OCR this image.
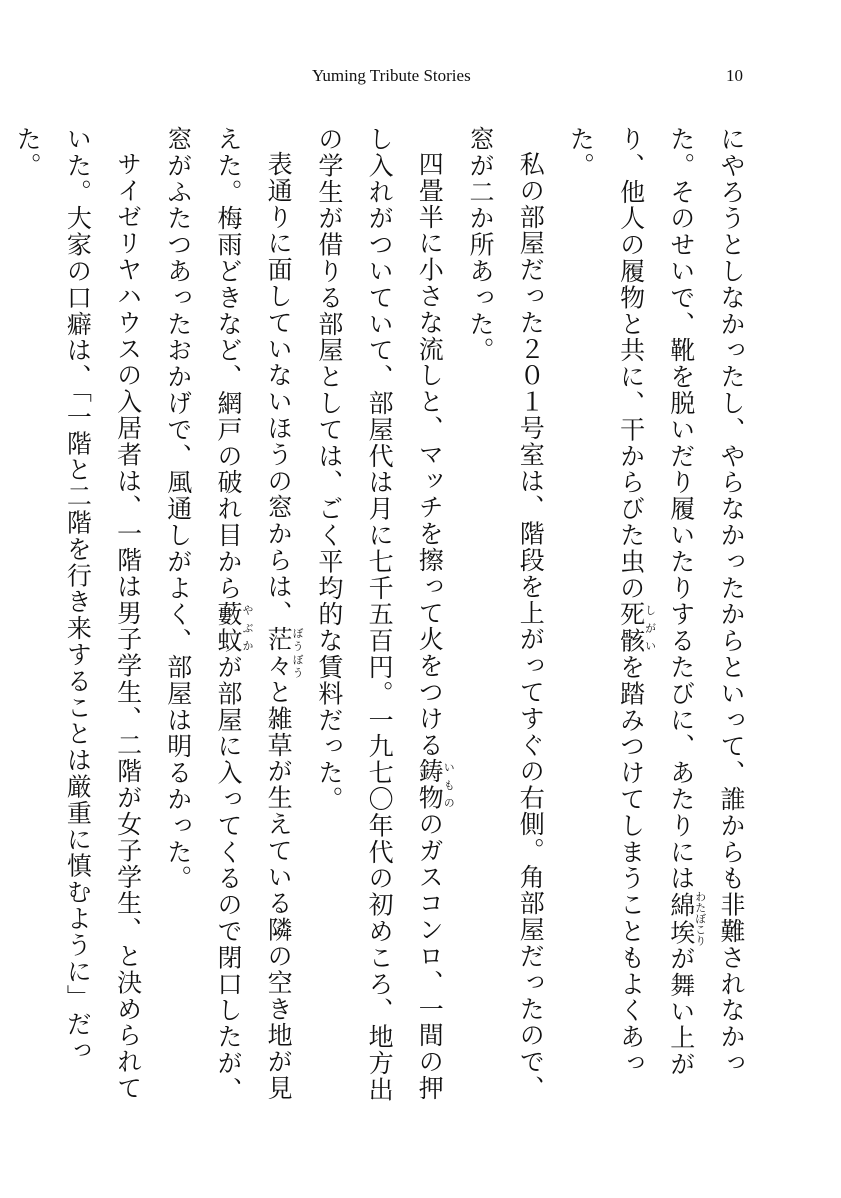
Yuming Tribute Stories	10

にやろうとしなかったし、やらなかったからといって、誰からも非難されなかった。そのせいで、靴を脱いだり履いたりするたびに、あたりには綿埃わたぼこりが舞い上がり、他人の履物と共に、干からびた虫の死骸しがいを踏みつけてしまうこともよくあった。

私の部屋だった２０１号室は、階段を上がってすぐの右側。角部屋だったので、窓が二か所あった。

四畳半に小さな流しと、マッチを擦って火をつける鋳物いもののガスコンロ、一間の押し入れがついていて、部屋代は月に七千五百円。一九七〇年代の初めころ、地方出の学生が借りる部屋としては、ごく平均的な賃料だった。

表通りに面していないほうの窓からは、茫々ぼうぼうと雑草が生えている隣の空き地が見えた。梅雨どきなど、網戸の破れ目から藪蚊やぶかが部屋に入ってくるので閉口したが、窓がふたつあったおかげで、風通しがよく、部屋は明るかった。

サイゼリヤハウスの入居者は、一階は男子学生、二階が女子学生、と決められていた。大家の口癖は、「一階と二階を行き来することは厳重に慎むように」だった。
